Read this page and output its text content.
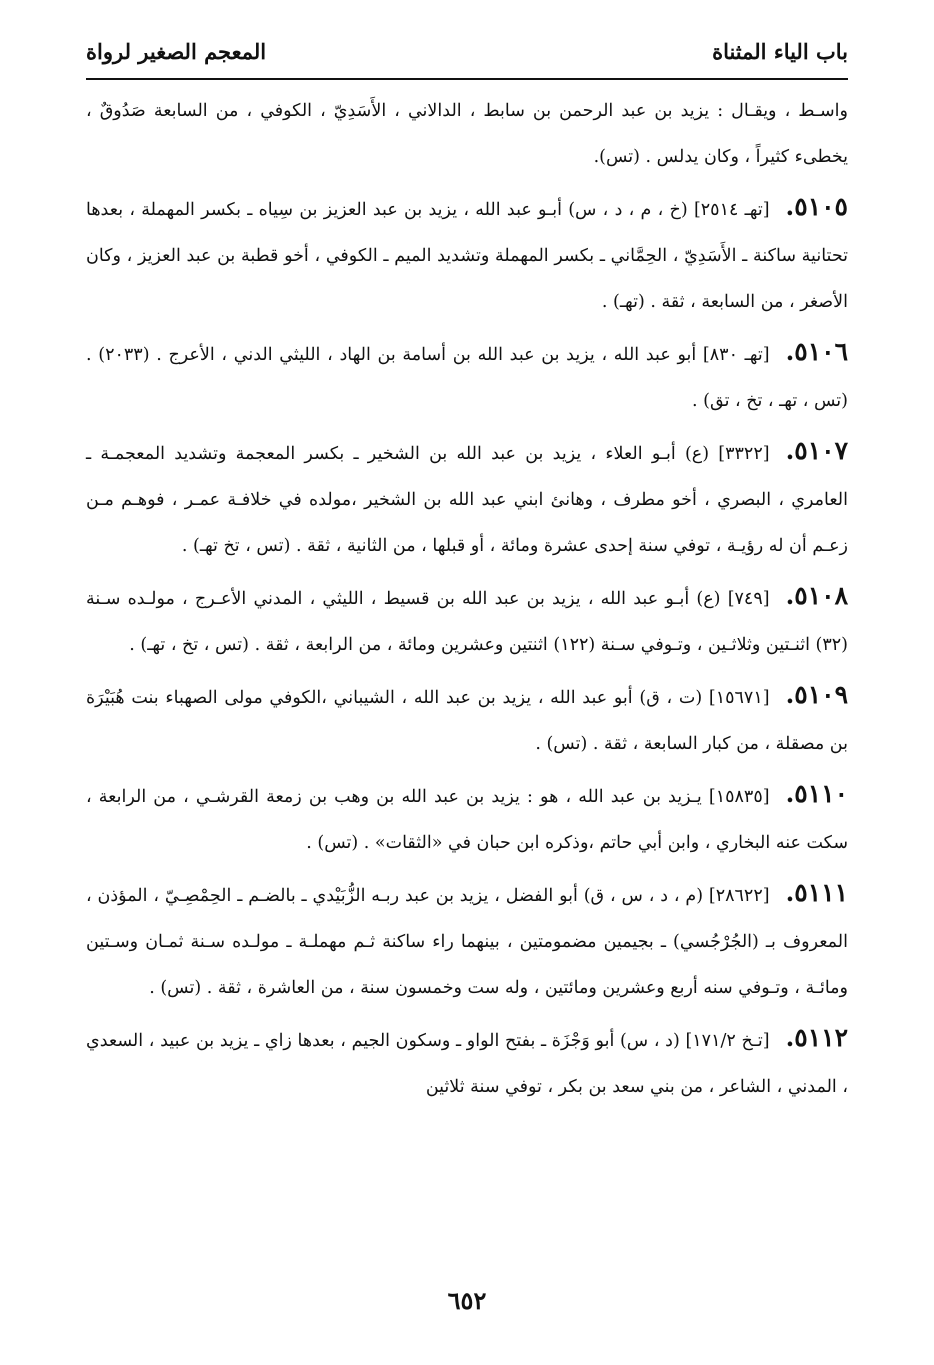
باب الياء المثناة
المعجم الصغير لرواة

واسـط ، ويقـال : يزيد بن عبد الرحمن بن سابط ، الدالاني ، الأَسَدِيّ ، الكوفي ، من السابعة صَدُوقٌ ، يخطىء كثيراً ، وكان يدلس . (تس).

٥١٠٥.[تهـ ٢٥١٤] (خ ، م ، د ، س) أبـو عبد الله ، يزيد بن عبد العزيز بن سِياه ـ بكسر المهملة ، بعدها تحتانية ساكنة ـ الأَسَدِيّ ، الحِمَّاني ـ بكسر المهملة وتشديد الميم ـ الكوفي ، أخو قطبة بن عبد العزيز ، وكان الأصغر ، من السابعة ، ثقة . (تهـ) .

٥١٠٦.[تهـ ٨٣٠] أبو عبد الله ، يزيد بن عبد الله بن أسامة بن الهاد ، الليثي الدني ، الأعرج . (٢٠٣٣) . (تس ، تهـ ، تخ ، تق) .

٥١٠٧.[٣٣٢٢] (ع) أبـو العلاء ، يزيد بن عبد الله بن الشخير ـ بكسر المعجمة وتشديد المعجمـة ـ العامري ، البصري ، أخو مطرف ، وهانئ ابني عبد الله بن الشخير ،مولده في خلافـة عمـر ، فوهـم مـن زعـم أن له رؤيـة ، توفي سنة إحدى عشرة ومائة ، أو قبلها ، من الثانية ، ثقة . (تس ، تخ تهـ) .

٥١٠٨.[٧٤٩] (ع) أبـو عبد الله ، يزيد بن عبد الله بن قسيط ، الليثي ، المدني الأعـرج ، مولـده سـنة (٣٢) اثنـتين وثلاثـين ، وتـوفي سـنة (١٢٢) اثنتين وعشرين ومائة ، من الرابعة ، ثقة . (تس ، تخ ، تهـ) .

٥١٠٩.[١٥٦٧١] (ت ، ق) أبو عبد الله ، يزيد بن عبد الله ، الشيباني ،الكوفي مولى الصهباء بنت هُبَيْرَة بن مصقلة ، من كبار السابعة ، ثقة . (تس) .

٥١١٠.[١٥٨٣٥] يـزيد بن عبد الله ، هو : يزيد بن عبد الله بن وهب بن زمعة القرشـي ، من الرابعة ، سكت عنه البخاري ، وابن أبي حاتم ،وذكره ابن حبان في «الثقات» . (تس) .

٥١١١.[٢٨٦٢٢] (م ، د ، س ، ق) أبو الفضل ، يزيد بن عبد ربـه الزُّبَيْدي ـ بالضـم ـ الحِمْصِـيّ ، المؤذن ، المعروف بـ (الجُرْجُسي) ـ بجيمين مضمومتين ، بينهما راء ساكنة ثـم مهملـة ـ مولـده سـنة ثمـان وسـتين ومائـة ، وتـوفي سنه أربع وعشرين ومائتين ، وله ست وخمسون سنة ، من العاشرة ، ثقة . (تس) .

٥١١٢.[تـخ ١٧١/٢] (د ، س) أبو وَجْزَة ـ بفتح الواو ـ وسكون الجيم ، بعدها زاي ـ يزيد بن عبيد ، السعدي ، المدني ، الشاعر ، من بني سعد بن بكر ، توفي سنة ثلاثين

٦٥٢
